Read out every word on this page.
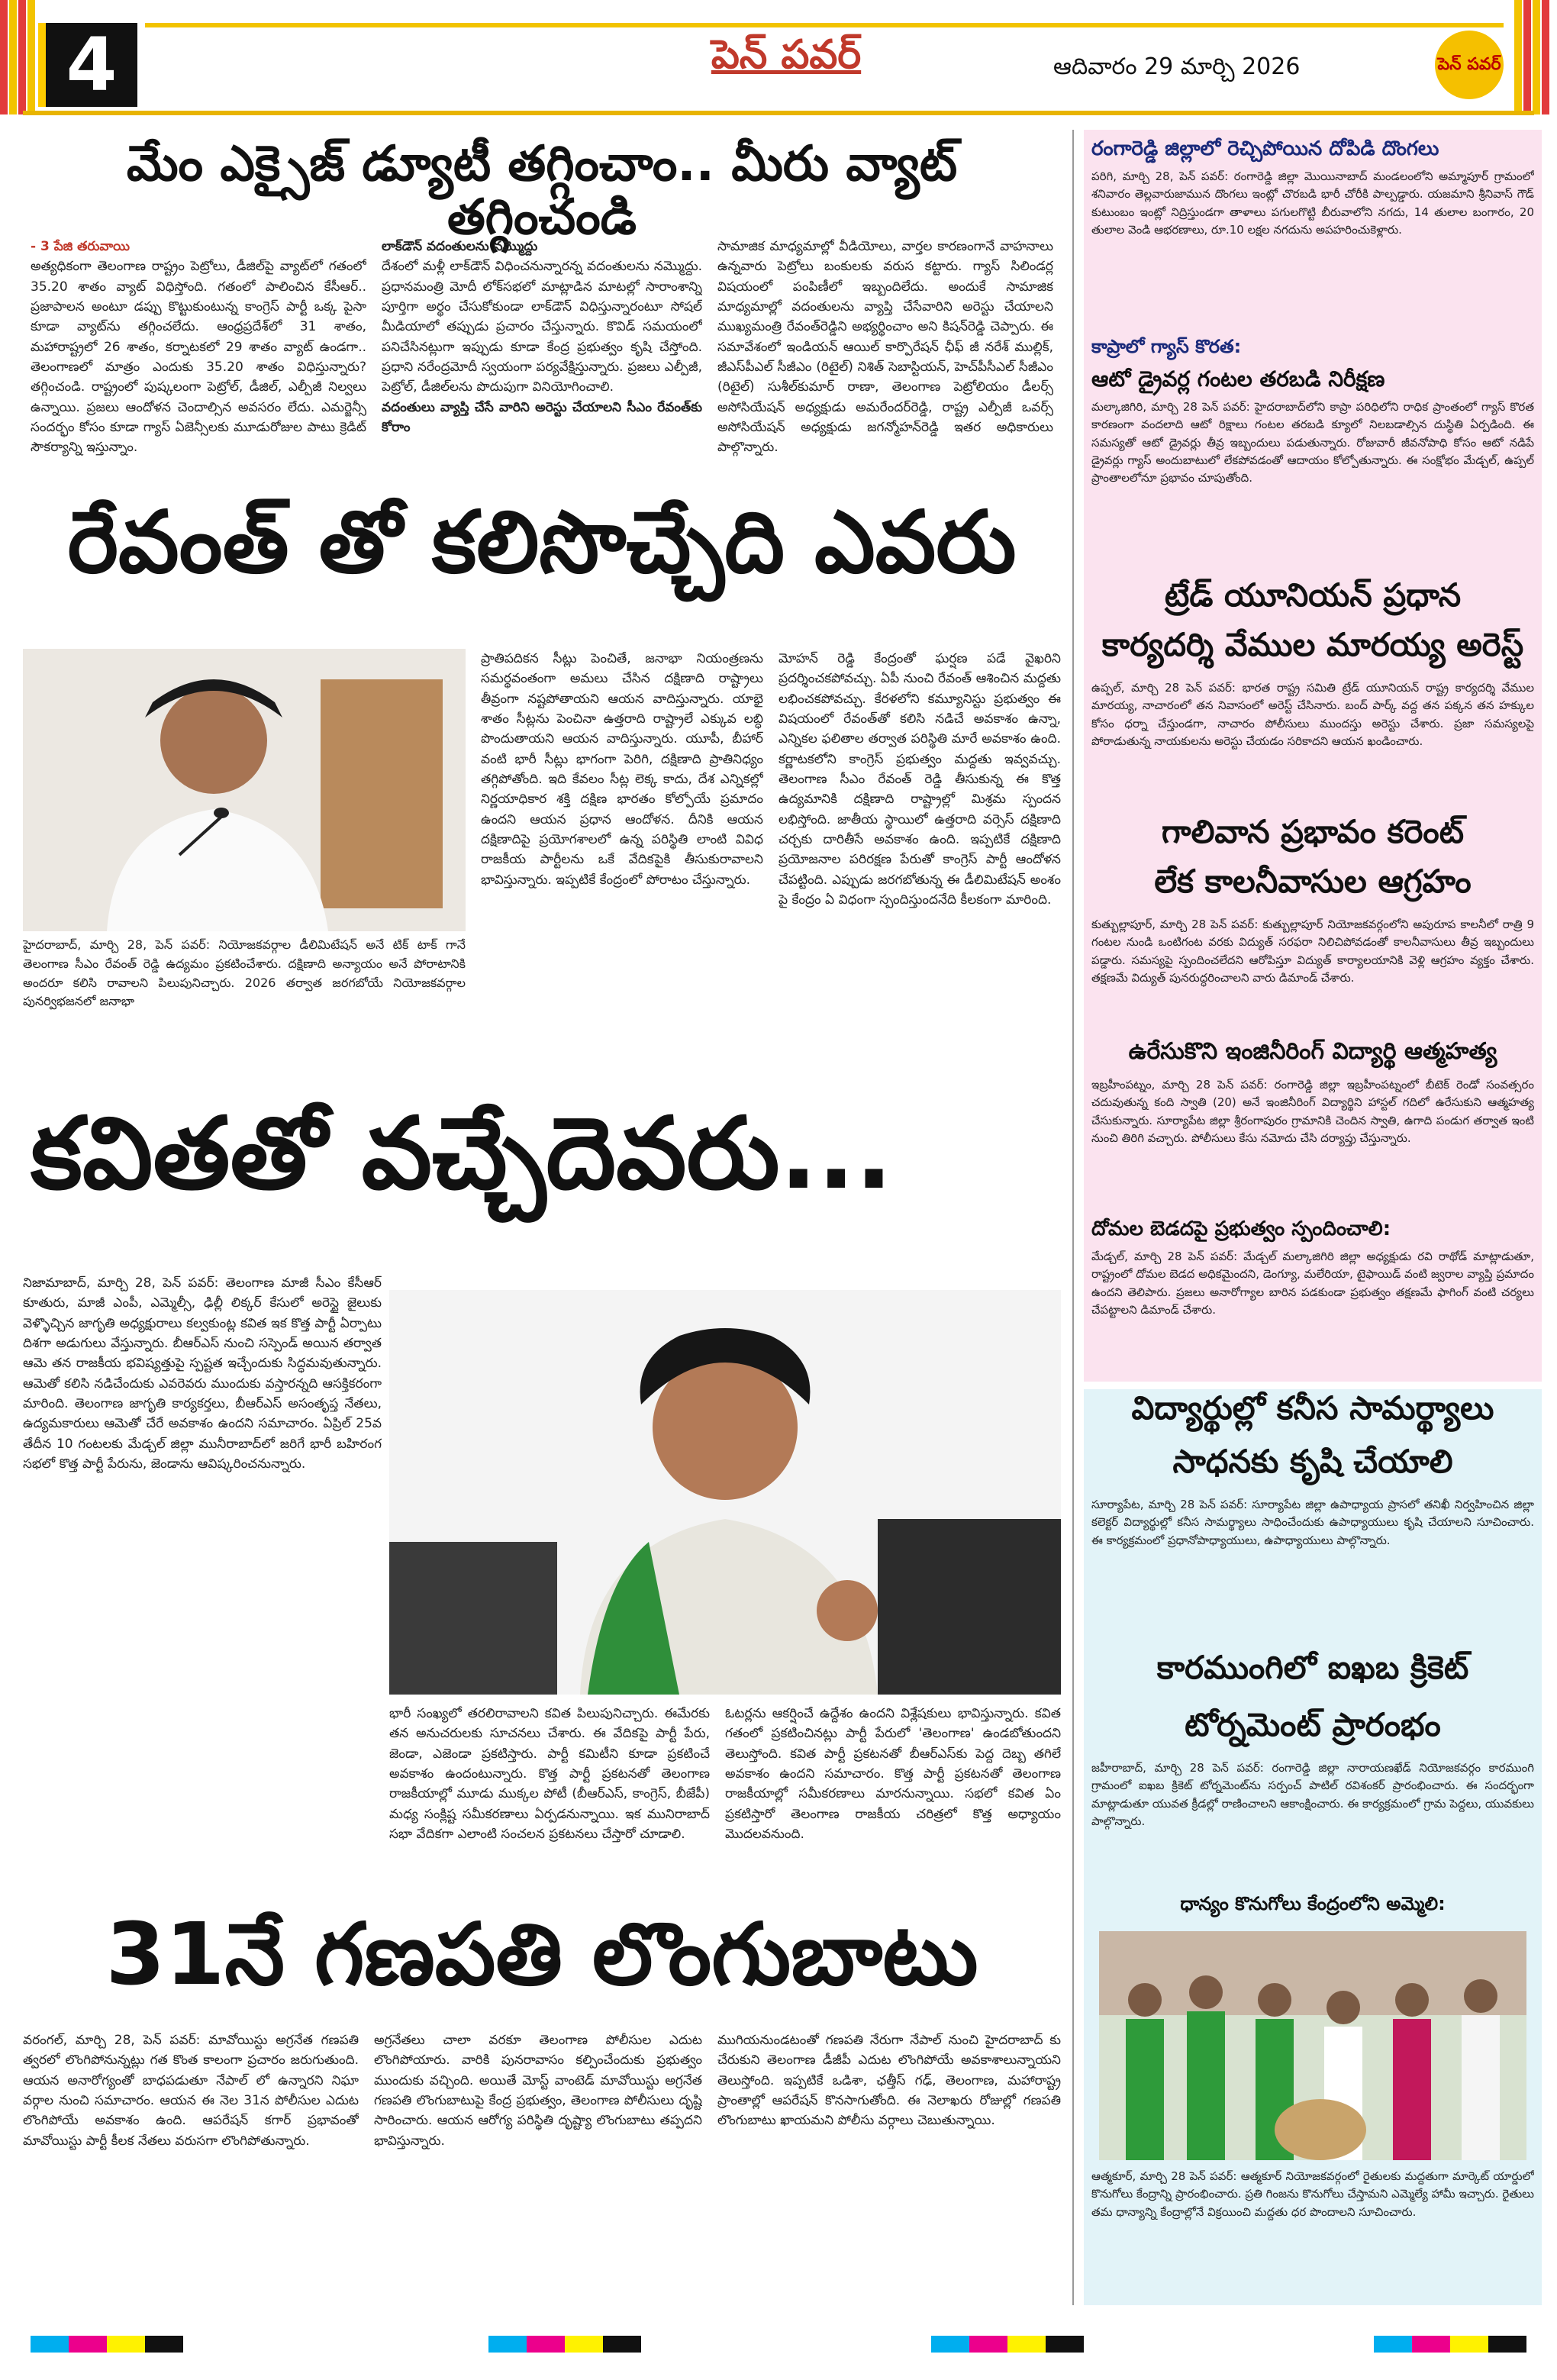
4	పెన్ పవర్	ఆదివారం 29 మార్చి 2026	పెన్ పవర్
మేం ఎక్సైజ్ డ్యూటీ తగ్గించాం.. మీరు వ్యాట్ తగ్గించండి
- 3 పేజి తరువాయి
అత్యధికంగా తెలంగాణ రాష్ట్రం పెట్రోలు, డీజిల్‌పై వ్యాట్‌లో గతంలో 35.20 శాతం వ్యాట్ విధిస్తోంది. గతంలో పాలించిన కేసీఆర్.. ప్రజాపాలన అంటూ డప్పు కొట్టుకుంటున్న కాంగ్రెస్ పార్టీ ఒక్క పైసా కూడా వ్యాట్‌ను తగ్గించలేదు. ఆంధ్రప్రదేశ్‌లో 31 శాతం, మహారాష్ట్రలో 26 శాతం, కర్నాటకలో 29 శాతం వ్యాట్ ఉండగా.. తెలంగాణలో మాత్రం ఎందుకు 35.20 శాతం విధిస్తున్నారు? తగ్గించండి. రాష్ట్రంలో పుష్కలంగా పెట్రోల్, డీజిల్, ఎల్పీజీ నిల్వలు ఉన్నాయి. ప్రజలు ఆందోళన చెందాల్సిన అవసరం లేదు. ఎమర్జెన్సీ సందర్భం కోసం కూడా గ్యాస్ ఏజెన్సీలకు మూడురోజుల పాటు క్రెడిట్ సౌకర్యాన్ని ఇస్తున్నాం.
లాక్‌డౌన్ వదంతులను నమ్మొద్దు
దేశంలో మళ్లీ లాక్‌డౌన్ విధించనున్నారన్న వదంతులను నమ్మొద్దు. ప్రధానమంత్రి మోదీ లోక్‌సభలో మాట్లాడిన మాటల్లో సారాంశాన్ని పూర్తిగా అర్థం చేసుకోకుండా లాక్‌డౌన్ విధిస్తున్నారంటూ సోషల్ మీడియాలో తప్పుడు ప్రచారం చేస్తున్నారు. కొవిడ్ సమయంలో పనిచేసినట్లుగా ఇప్పుడు కూడా కేంద్ర ప్రభుత్వం కృషి చేస్తోంది. ప్రధాని నరేంద్రమోదీ స్వయంగా పర్యవేక్షిస్తున్నారు. ప్రజలు ఎల్పీజీ, పెట్రోల్, డీజిల్‌లను పొదుపుగా వినియోగించాలి.
వదంతులు వ్యాప్తి చేసే వారిని అరెస్టు చేయాలని సీఎం రేవంత్‌కు కోరాం
సామాజిక మాధ్యమాల్లో వీడియోలు, వార్తల కారణంగానే వాహనాలు ఉన్నవారు పెట్రోలు బంకులకు వరుస కట్టారు. గ్యాస్ సిలిండర్ల విషయంలో పంపిణీలో ఇబ్బందిలేదు. అందుకే సామాజిక మాధ్యమాల్లో వదంతులను వ్యాప్తి చేసేవారిని అరెస్టు చేయాలని ముఖ్యమంత్రి రేవంత్‌రెడ్డిని అభ్యర్థించాం అని కిషన్‌రెడ్డి చెప్పారు. ఈ సమావేశంలో ఇండియన్ ఆయిల్ కార్పొరేషన్ ఛీఫ్ జీ నరేశ్ ముల్లిక్, జీఎస్‌పీఎల్ సీజీఎం (రిటైల్) నిశిత్ సెబాస్టియన్, హెచ్‌పీసీఎల్ సీజీఎం (రిటైల్) సుశీల్‌కుమార్ రాణా, తెలంగాణ పెట్రోలియం డీలర్స్ అసోసియేషన్ అధ్యక్షుడు అమరేందర్‌రెడ్డి, రాష్ట్ర ఎల్పీజీ ఒవర్స్ అసోసియేషన్ అధ్యక్షుడు జగన్మోహన్‌రెడ్డి ఇతర అధికారులు పాల్గొన్నారు.
రేవంత్ తో కలిసొచ్చేది ఎవరు
హైదరాబాద్, మార్చి 28, పెన్ పవర్: నియోజకవర్గాల డీలిమిటేషన్ అనే టిక్ టాక్ గానే తెలంగాణ సీఎం రేవంత్ రెడ్డి ఉద్యమం ప్రకటించేశారు. దక్షిణాది అన్యాయం అనే పోరాటానికి అందరూ కలిసి రావాలని పిలుపునిచ్చారు. 2026 తర్వాత జరగబోయే నియోజకవర్గాల పునర్విభజనలో జనాభా
ప్రాతిపదికన సీట్లు పెంచితే, జనాభా నియంత్రణను సమర్థవంతంగా అమలు చేసిన దక్షిణాది రాష్ట్రాలు తీవ్రంగా నష్టపోతాయని ఆయన వాదిస్తున్నారు. యాభై శాతం సీట్లను పెంచినా ఉత్తరాది రాష్ట్రాలే ఎక్కువ లబ్ధి పొందుతాయని ఆయన వాదిస్తున్నారు. యూపీ, బీహార్ వంటి భారీ సీట్లు భాగంగా పెరిగి, దక్షిణాది ప్రాతినిధ్యం తగ్గిపోతోంది. ఇది కేవలం సీట్ల లెక్క కాదు, దేశ ఎన్నికల్లో నిర్ణయాధికార శక్తి దక్షిణ భారతం కోల్పోయే ప్రమాదం ఉందని ఆయన ప్రధాన ఆందోళన. దీనికి ఆయన దక్షిణాదిపై ప్రయోగశాలలో ఉన్న పరిస్థితి లాంటి వివిధ రాజకీయ పార్టీలను ఒకే వేదికపైకి తీసుకురావాలని భావిస్తున్నారు. ఇప్పటికే కేంద్రంలో పోరాటం చేస్తున్నారు.
మోహన్ రెడ్డి కేంద్రంతో ఘర్షణ పడే వైఖరిని ప్రదర్శించకపోవచ్చు. ఏపీ నుంచి రేవంత్ ఆశించిన మద్దతు లభించకపోవచ్చు. కేరళలోని కమ్యూనిస్టు ప్రభుత్వం ఈ విషయంలో రేవంత్‌తో కలిసి నడిచే అవకాశం ఉన్నా, ఎన్నికల ఫలితాల తర్వాత పరిస్థితి మారే అవకాశం ఉంది. కర్ణాటకలోని కాంగ్రెస్ ప్రభుత్వం మద్దతు ఇవ్వవచ్చు. తెలంగాణ సీఎం రేవంత్ రెడ్డి తీసుకున్న ఈ కొత్త ఉద్యమానికి దక్షిణాది రాష్ట్రాల్లో మిశ్రమ స్పందన లభిస్తోంది. జాతీయ స్థాయిలో ఉత్తరాది వర్సెస్ దక్షిణాది చర్చకు దారితీసే అవకాశం ఉంది. ఇప్పటికే దక్షిణాది ప్రయోజనాల పరిరక్షణ పేరుతో కాంగ్రెస్ పార్టీ ఆందోళన చేపట్టింది. ఎప్పుడు జరగబోతున్న ఈ డీలిమిటేషన్ అంశం పై కేంద్రం ఏ విధంగా స్పందిస్తుందనేది కీలకంగా మారింది.
కవితతో వచ్చేదెవరు...
నిజామాబాద్, మార్చి 28, పెన్ పవర్: తెలంగాణ మాజీ సీఎం కేసీఆర్ కూతురు, మాజీ ఎంపీ, ఎమ్మెల్సీ, ఢిల్లీ లిక్కర్ కేసులో అరెస్టై జైలుకు వెళ్ళొచ్చిన జాగృతి అధ్యక్షురాలు కల్వకుంట్ల కవిత ఇక కొత్త పార్టీ ఏర్పాటు దిశగా అడుగులు వేస్తున్నారు. బీఆర్ఎస్ నుంచి సస్పెండ్ అయిన తర్వాత ఆమె తన రాజకీయ భవిష్యత్తుపై స్పష్టత ఇచ్చేందుకు సిద్ధమవుతున్నారు. ఆమెతో కలిసి నడిచేందుకు ఎవరెవరు ముందుకు వస్తారన్నది ఆసక్తికరంగా మారింది. తెలంగాణ జాగృతి కార్యకర్తలు, బీఆర్ఎస్ అసంతృప్త నేతలు, ఉద్యమకారులు ఆమెతో చేరే అవకాశం ఉందని సమాచారం. ఏప్రిల్ 25వ తేదీన 10 గంటలకు మేడ్చల్ జిల్లా మునీరాబాద్‌లో జరిగే భారీ బహిరంగ సభలో కొత్త పార్టీ పేరును, జెండాను ఆవిష్కరించనున్నారు.
భారీ సంఖ్యలో తరలిరావాలని కవిత పిలుపునిచ్చారు. ఈమేరకు తన అనుచరులకు సూచనలు చేశారు. ఈ వేదికపై పార్టీ పేరు, జెండా, ఎజెండా ప్రకటిస్తారు. పార్టీ కమిటీని కూడా ప్రకటించే అవకాశం ఉందంటున్నారు. కొత్త పార్టీ ప్రకటనతో తెలంగాణ రాజకీయాల్లో మూడు ముక్కల పోటీ (బీఆర్ఎస్, కాంగ్రెస్, బీజేపీ) మధ్య సంక్లిష్ట సమీకరణాలు ఏర్పడనున్నాయి. ఇక మునిరాబాద్ సభా వేదికగా ఎలాంటి సంచలన ప్రకటనలు చేస్తారో చూడాలి.
ఓటర్లను ఆకర్షించే ఉద్దేశం ఉందని విశ్లేషకులు భావిస్తున్నారు. కవిత గతంలో ప్రకటించినట్లు పార్టీ పేరులో 'తెలంగాణ' ఉండబోతుందని తెలుస్తోంది. కవిత పార్టీ ప్రకటనతో బీఆర్ఎస్‌కు పెద్ద దెబ్బ తగిలే అవకాశం ఉందని సమాచారం. కొత్త పార్టీ ప్రకటనతో తెలంగాణ రాజకీయాల్లో సమీకరణాలు మారనున్నాయి. సభలో కవిత ఏం ప్రకటిస్తారో తెలంగాణ రాజకీయ చరిత్రలో కొత్త అధ్యాయం మొదలవనుంది.
31నే గణపతి లొంగుబాటు
వరంగల్, మార్చి 28, పెన్ పవర్: మావోయిస్టు అగ్రనేత గణపతి త్వరలో లొంగిపోనున్నట్లు గత కొంత కాలంగా ప్రచారం జరుగుతుంది. ఆయన అనారోగ్యంతో బాధపడుతూ నేపాల్ లో ఉన్నారని నిఘా వర్గాల నుంచి సమాచారం. ఆయన ఈ నెల 31న పోలీసుల ఎదుట లొంగిపోయే అవకాశం ఉంది. ఆపరేషన్ కగార్ ప్రభావంతో మావోయిస్టు పార్టీ కీలక నేతలు వరుసగా లొంగిపోతున్నారు.
అగ్రనేతలు చాలా వరకూ తెలంగాణ పోలీసుల ఎదుట లొంగిపోయారు. వారికి పునరావాసం కల్పించేందుకు ప్రభుత్వం ముందుకు వచ్చింది. అయితే మోస్ట్ వాంటెడ్ మావోయిస్టు అగ్రనేత గణపతి లొంగుబాటుపై కేంద్ర ప్రభుత్వం, తెలంగాణ పోలీసులు దృష్టి సారించారు. ఆయన ఆరోగ్య పరిస్థితి దృష్ట్యా లొంగుబాటు తప్పదని భావిస్తున్నారు.
ముగియనుండటంతో గణపతి నేరుగా నేపాల్ నుంచి హైదరాబాద్ కు చేరుకుని తెలంగాణ డీజీపీ ఎదుట లొంగిపోయే అవకాశాలున్నాయని తెలుస్తోంది. ఇప్పటికే ఒడిశా, ఛత్తీస్ గఢ్, తెలంగాణ, మహారాష్ట్ర ప్రాంతాల్లో ఆపరేషన్ కొనసాగుతోంది. ఈ నెలాఖరు రోజుల్లో గణపతి లొంగుబాటు ఖాయమని పోలీసు వర్గాలు చెబుతున్నాయి.
రంగారెడ్డి జిల్లాలో రెచ్చిపోయిన దోపిడి దొంగలు
పరిగి, మార్చి 28, పెన్ పవర్: రంగారెడ్డి జిల్లా మొయినాబాద్ మండలంలోని అమ్మాపూర్ గ్రామంలో శనివారం తెల్లవారుజామున దొంగలు ఇంట్లో చొరబడి భారీ చోరీకి పాల్పడ్డారు. యజమాని శ్రీనివాస్ గౌడ్ కుటుంబం ఇంట్లో నిద్రిస్తుండగా తాళాలు పగులగొట్టి బీరువాలోని నగదు, 14 తులాల బంగారం, 20 తులాల వెండి ఆభరణాలు, రూ.10 లక్షల నగదును అపహరించుకెళ్లారు.
కాప్రాలో గ్యాస్ కొరత:
ఆటో డ్రైవర్ల గంటల తరబడి నిరీక్షణ
మల్కాజిగిరి, మార్చి 28 పెన్ పవర్: హైదరాబాద్‌లోని కాప్రా పరిధిలోని రాధిక ప్రాంతంలో గ్యాస్ కొరత కారణంగా వందలాది ఆటో రిక్షాలు గంటల తరబడి క్యూలో నిలబడాల్సిన దుస్థితి ఏర్పడింది. ఈ సమస్యతో ఆటో డ్రైవర్లు తీవ్ర ఇబ్బందులు పడుతున్నారు. రోజువారీ జీవనోపాధి కోసం ఆటో నడిపే డ్రైవర్లు గ్యాస్ అందుబాటులో లేకపోవడంతో ఆదాయం కోల్పోతున్నారు. ఈ సంక్షోభం మేడ్చల్, ఉప్పల్ ప్రాంతాలలోనూ ప్రభావం చూపుతోంది.
ట్రేడ్ యూనియన్ ప్రధాన
కార్యదర్శి వేముల మారయ్య అరెస్ట్
ఉప్పల్, మార్చి 28 పెన్ పవర్: భారత రాష్ట్ర సమితి ట్రేడ్ యూనియన్ రాష్ట్ర కార్యదర్శి వేముల మారయ్య, నాచారంలో తన నివాసంలో అరెస్ట్ చేసినారు. బంద్ పార్క్ వద్ద తన పక్కన తన హక్కుల కోసం ధర్నా చేస్తుండగా, నాచారం పోలీసులు ముందస్తు అరెస్టు చేశారు. ప్రజా సమస్యలపై పోరాడుతున్న నాయకులను అరెస్టు చేయడం సరికాదని ఆయన ఖండించారు.
గాలివాన ప్రభావం కరెంట్
లేక కాలనీవాసుల ఆగ్రహం
కుత్బుల్లాపూర్, మార్చి 28 పెన్ పవర్: కుత్బుల్లాపూర్ నియోజకవర్గంలోని అపురూప కాలనీలో రాత్రి 9 గంటల నుండి ఒంటిగంట వరకు విద్యుత్ సరఫరా నిలిచిపోవడంతో కాలనీవాసులు తీవ్ర ఇబ్బందులు పడ్డారు. సమస్యపై స్పందించలేదని ఆరోపిస్తూ విద్యుత్ కార్యాలయానికి వెళ్లి ఆగ్రహం వ్యక్తం చేశారు. తక్షణమే విద్యుత్ పునరుద్ధరించాలని వారు డిమాండ్ చేశారు.
ఉరేసుకొని ఇంజినీరింగ్ విద్యార్థి ఆత్మహత్య
ఇబ్రహీంపట్నం, మార్చి 28 పెన్ పవర్: రంగారెడ్డి జిల్లా ఇబ్రహీంపట్నంలో బీటెక్ రెండో సంవత్సరం చదువుతున్న కంది స్వాతి (20) అనే ఇంజినీరింగ్ విద్యార్థిని హాస్టల్ గదిలో ఉరేసుకుని ఆత్మహత్య చేసుకున్నారు. సూర్యాపేట జిల్లా శ్రీరంగాపురం గ్రామానికి చెందిన స్వాతి, ఉగాది పండుగ తర్వాత ఇంటి నుంచి తిరిగి వచ్చారు. పోలీసులు కేసు నమోదు చేసి దర్యాప్తు చేస్తున్నారు.
దోమల బెడదపై ప్రభుత్వం స్పందించాలి:
మేడ్చల్, మార్చి 28 పెన్ పవర్: మేడ్చల్ మల్కాజిగిరి జిల్లా అధ్యక్షుడు రవి రాథోడ్ మాట్లాడుతూ, రాష్ట్రంలో దోమల బెడద అధికమైందని, డెంగ్యూ, మలేరియా, టైఫాయిడ్ వంటి జ్వరాల వ్యాప్తి ప్రమాదం ఉందని తెలిపారు. ప్రజలు అనారోగ్యాల బారిన పడకుండా ప్రభుత్వం తక్షణమే ఫాగింగ్ వంటి చర్యలు చేపట్టాలని డిమాండ్ చేశారు.
విద్యార్థుల్లో కనీస సామర్థ్యాలు
సాధనకు కృషి చేయాలి
సూర్యాపేట, మార్చి 28 పెన్ పవర్: సూర్యాపేట జిల్లా ఉపాధ్యాయ ప్రాసలో తనిఖీ నిర్వహించిన జిల్లా కలెక్టర్ విద్యార్థుల్లో కనీస సామర్థ్యాలు సాధించేందుకు ఉపాధ్యాయులు కృషి చేయాలని సూచించారు. ఈ కార్యక్రమంలో ప్రధానోపాధ్యాయులు, ఉపాధ్యాయులు పాల్గొన్నారు.
కారముంగిలో ఐఖబ క్రికెట్
టోర్నమెంట్ ప్రారంభం
జహీరాబాద్, మార్చి 28 పెన్ పవర్: రంగారెడ్డి జిల్లా నారాయణఖేడ్ నియోజకవర్గం కారముంగి గ్రామంలో ఐఖబ క్రికెట్ టోర్నమెంట్‌ను సర్పంచ్ పాటిల్ రవిశంకర్ ప్రారంభించారు. ఈ సందర్భంగా మాట్లాడుతూ యువత క్రీడల్లో రాణించాలని ఆకాంక్షించారు. ఈ కార్యక్రమంలో గ్రామ పెద్దలు, యువకులు పాల్గొన్నారు.
ధాన్యం కొనుగోలు కేంద్రంలోని అమ్మెలి:
ఆత్మకూర్, మార్చి 28 పెన్ పవర్: ఆత్మకూర్ నియోజకవర్గంలో రైతులకు మద్దతుగా మార్కెట్ యార్డులో కొనుగోలు కేంద్రాన్ని ప్రారంభించారు. ప్రతి గింజను కొనుగోలు చేస్తామని ఎమ్మెల్యే హామీ ఇచ్చారు. రైతులు తమ ధాన్యాన్ని కేంద్రాల్లోనే విక్రయించి మద్దతు ధర పొందాలని సూచించారు.
